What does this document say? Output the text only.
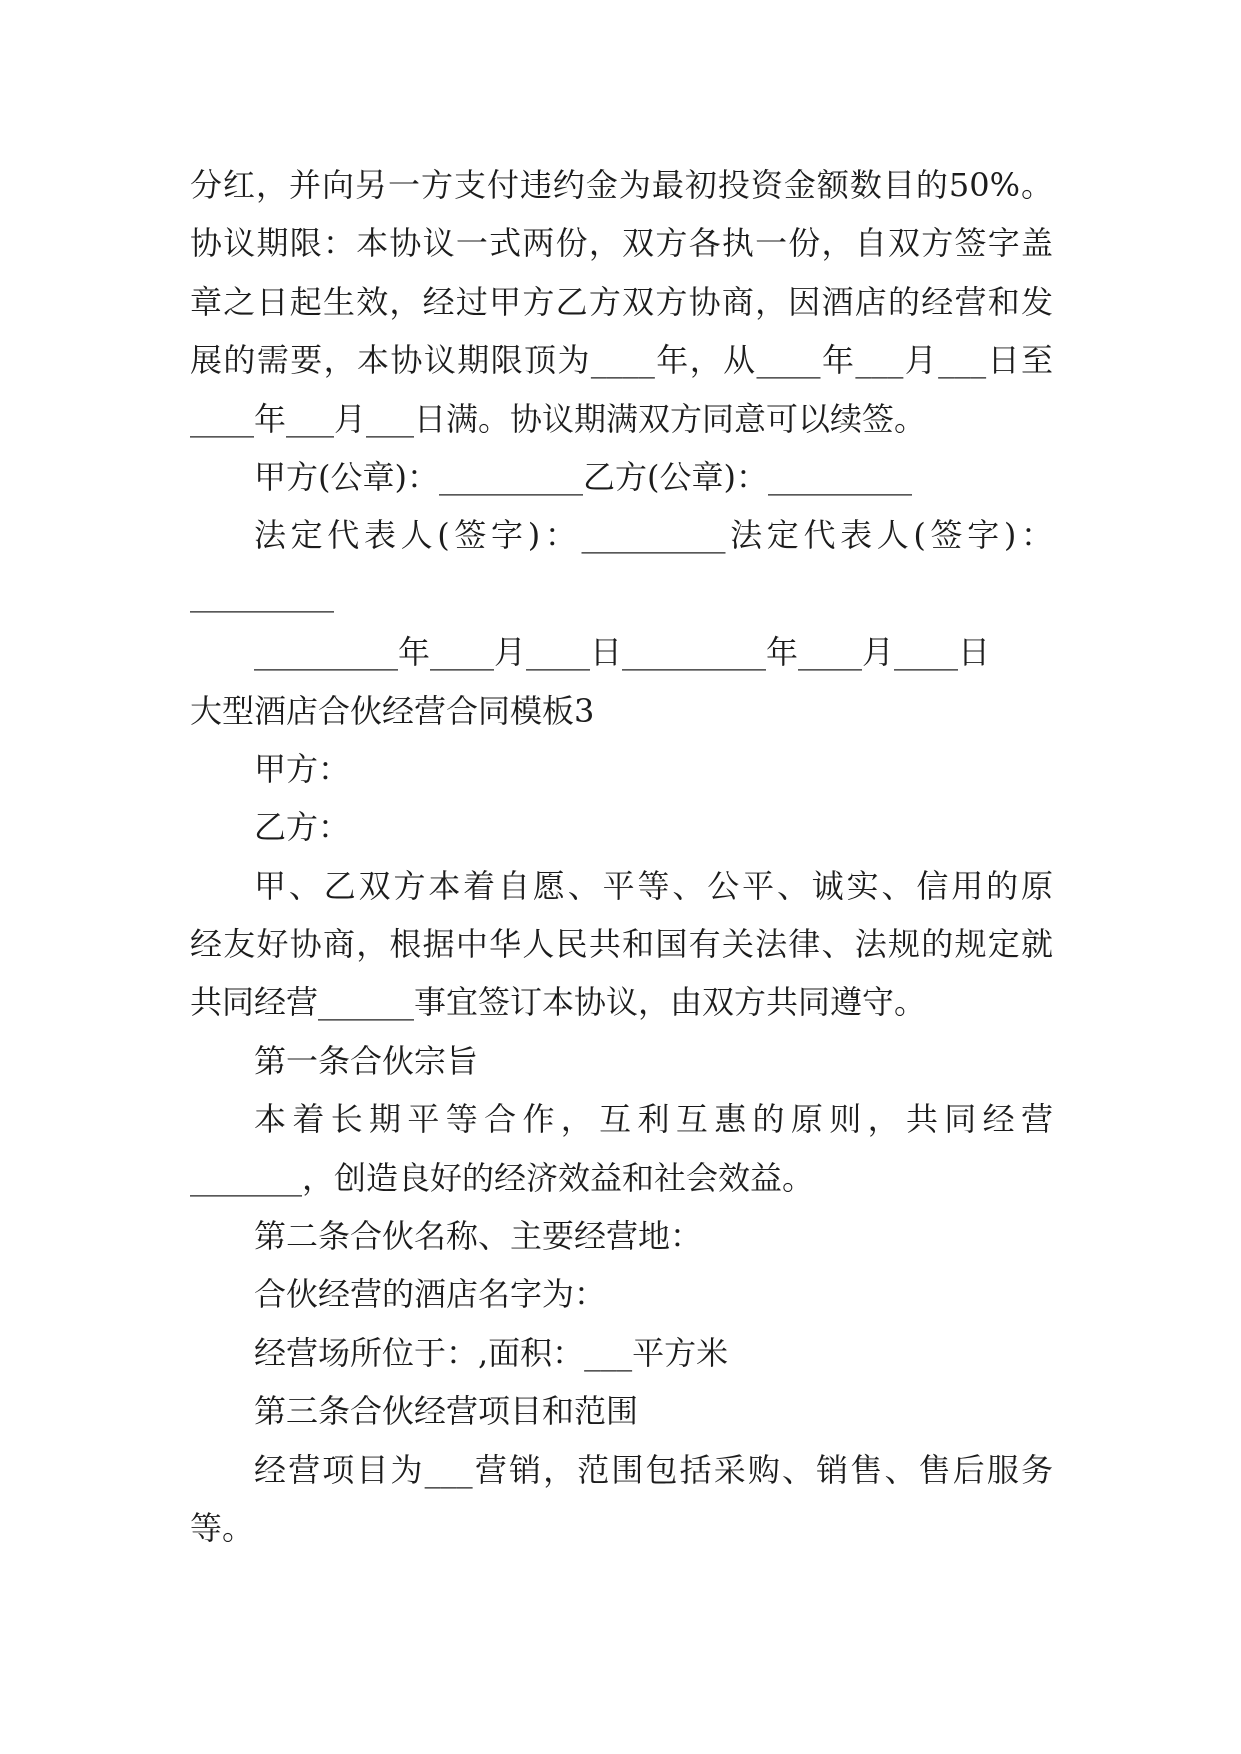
分红，并向另一方支付违约金为最初投资金额数目的50%。
协议期限：本协议一式两份，双方各执一份，自双方签字盖
章之日起生效，经过甲方乙方双方协商，因酒店的经营和发
展的需要，本协议期限顶为____年，从____年___月___日至
____年___月___日满。协议期满双方同意可以续签。
甲方(公章)：_________乙方(公章)：_________
法定代表人(签字)：_________法定代表人(签字)：
_________
_________年____月____日_________年____月____日
大型酒店合伙经营合同模板3
甲方：
乙方：
甲、乙双方本着自愿、平等、公平、诚实、信用的原
经友好协商，根据中华人民共和国有关法律、法规的规定就
共同经营______事宜签订本协议，由双方共同遵守。
第一条合伙宗旨
本着长期平等合作，互利互惠的原则，共同经营
_______，创造良好的经济效益和社会效益。
第二条合伙名称、主要经营地：
合伙经营的酒店名字为：
经营场所位于：,面积：___平方米
第三条合伙经营项目和范围
经营项目为___营销，范围包括采购、销售、售后服务
等。
